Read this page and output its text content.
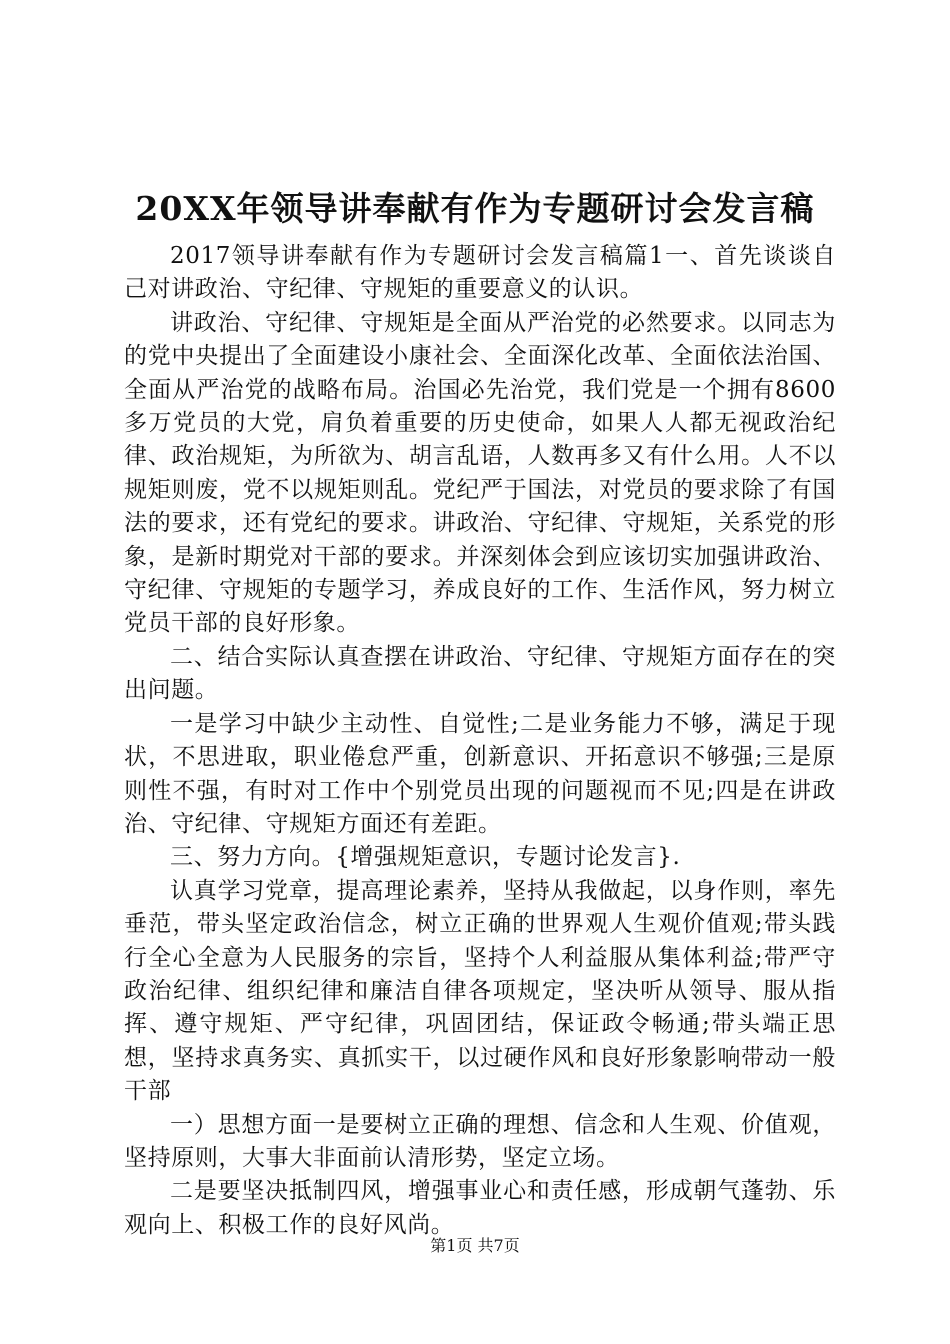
20XX年领导讲奉献有作为专题研讨会发言稿

2017领导讲奉献有作为专题研讨会发言稿篇1一、首先谈谈自己对讲政治、守纪律、守规矩的重要意义的认识。

讲政治、守纪律、守规矩是全面从严治党的必然要求。以同志为的党中央提出了全面建设小康社会、全面深化改革、全面依法治国、全面从严治党的战略布局。治国必先治党，我们党是一个拥有8600多万党员的大党，肩负着重要的历史使命，如果人人都无视政治纪律、政治规矩，为所欲为、胡言乱语，人数再多又有什么用。人不以规矩则废，党不以规矩则乱。党纪严于国法，对党员的要求除了有国法的要求，还有党纪的要求。讲政治、守纪律、守规矩，关系党的形象，是新时期党对干部的要求。并深刻体会到应该切实加强讲政治、守纪律、守规矩的专题学习，养成良好的工作、生活作风，努力树立党员干部的良好形象。

二、结合实际认真查摆在讲政治、守纪律、守规矩方面存在的突出问题。

一是学习中缺少主动性、自觉性;二是业务能力不够，满足于现状，不思进取，职业倦怠严重，创新意识、开拓意识不够强;三是原则性不强，有时对工作中个别党员出现的问题视而不见;四是在讲政治、守纪律、守规矩方面还有差距。

三、努力方向。{增强规矩意识，专题讨论发言}.

认真学习党章，提高理论素养，坚持从我做起，以身作则，率先垂范，带头坚定政治信念，树立正确的世界观人生观价值观;带头践行全心全意为人民服务的宗旨，坚持个人利益服从集体利益;带严守政治纪律、组织纪律和廉洁自律各项规定，坚决听从领导、服从指挥、遵守规矩、严守纪律，巩固团结，保证政令畅通;带头端正思想，坚持求真务实、真抓实干，以过硬作风和良好形象影响带动一般干部

一）思想方面一是要树立正确的理想、信念和人生观、价值观，坚持原则，大事大非面前认清形势，坚定立场。

二是要坚决抵制四风，增强事业心和责任感，形成朝气蓬勃、乐观向上、积极工作的良好风尚。

第1页 共7页
